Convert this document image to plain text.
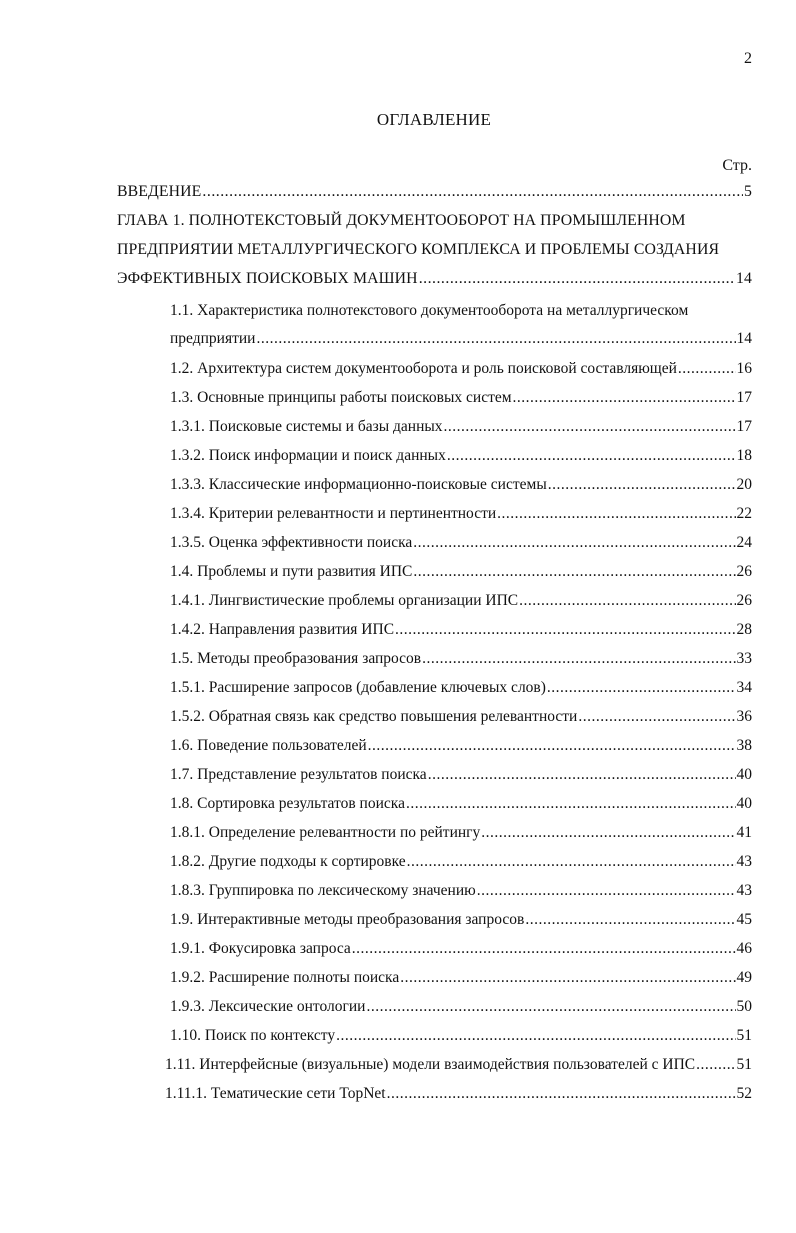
2
ОГЛАВЛЕНИЕ
Стр.
ВВЕДЕНИЕ .....	5
ГЛАВА 1. ПОЛНОТЕКСТОВЫЙ ДОКУМЕНТООБОРОТ НА ПРОМЫШЛЕННОМ
ПРЕДПРИЯТИИ МЕТАЛЛУРГИЧЕСКОГО КОМПЛЕКСА И ПРОБЛЕМЫ СОЗДАНИЯ
ЭФФЕКТИВНЫХ ПОИСКОВЫХ МАШИН .....	14
1.1. Характеристика полнотекстового документооборота на металлургическом
предприятии .....	14
1.2. Архитектура систем документооборота и роль поисковой составляющей .....	16
1.3. Основные принципы работы поисковых систем .....	17
1.3.1. Поисковые системы и базы данных .....	17
1.3.2. Поиск информации и поиск данных .....	18
1.3.3. Классические информационно-поисковые системы .....	20
1.3.4. Критерии релевантности и пертинентности .....	22
1.3.5. Оценка эффективности поиска .....	24
1.4. Проблемы и пути развития ИПС .....	26
1.4.1. Лингвистические проблемы организации ИПС .....	26
1.4.2. Направления развития ИПС .....	28
1.5. Методы преобразования запросов .....	33
1.5.1. Расширение запросов (добавление ключевых слов) .....	34
1.5.2. Обратная связь как средство повышения релевантности .....	36
1.6. Поведение пользователей .....	38
1.7. Представление результатов поиска .....	40
1.8. Сортировка результатов поиска .....	40
1.8.1. Определение релевантности по рейтингу .....	41
1.8.2. Другие подходы к сортировке .....	43
1.8.3. Группировка по лексическому значению .....	43
1.9. Интерактивные методы преобразования запросов .....	45
1.9.1. Фокусировка запроса .....	46
1.9.2. Расширение полноты поиска .....	49
1.9.3. Лексические онтологии .....	50
1.10. Поиск по контексту .....	51
1.11. Интерфейсные (визуальные) модели взаимодействия пользователей с ИПС .....	51
1.11.1. Тематические сети TopNet .....	52
